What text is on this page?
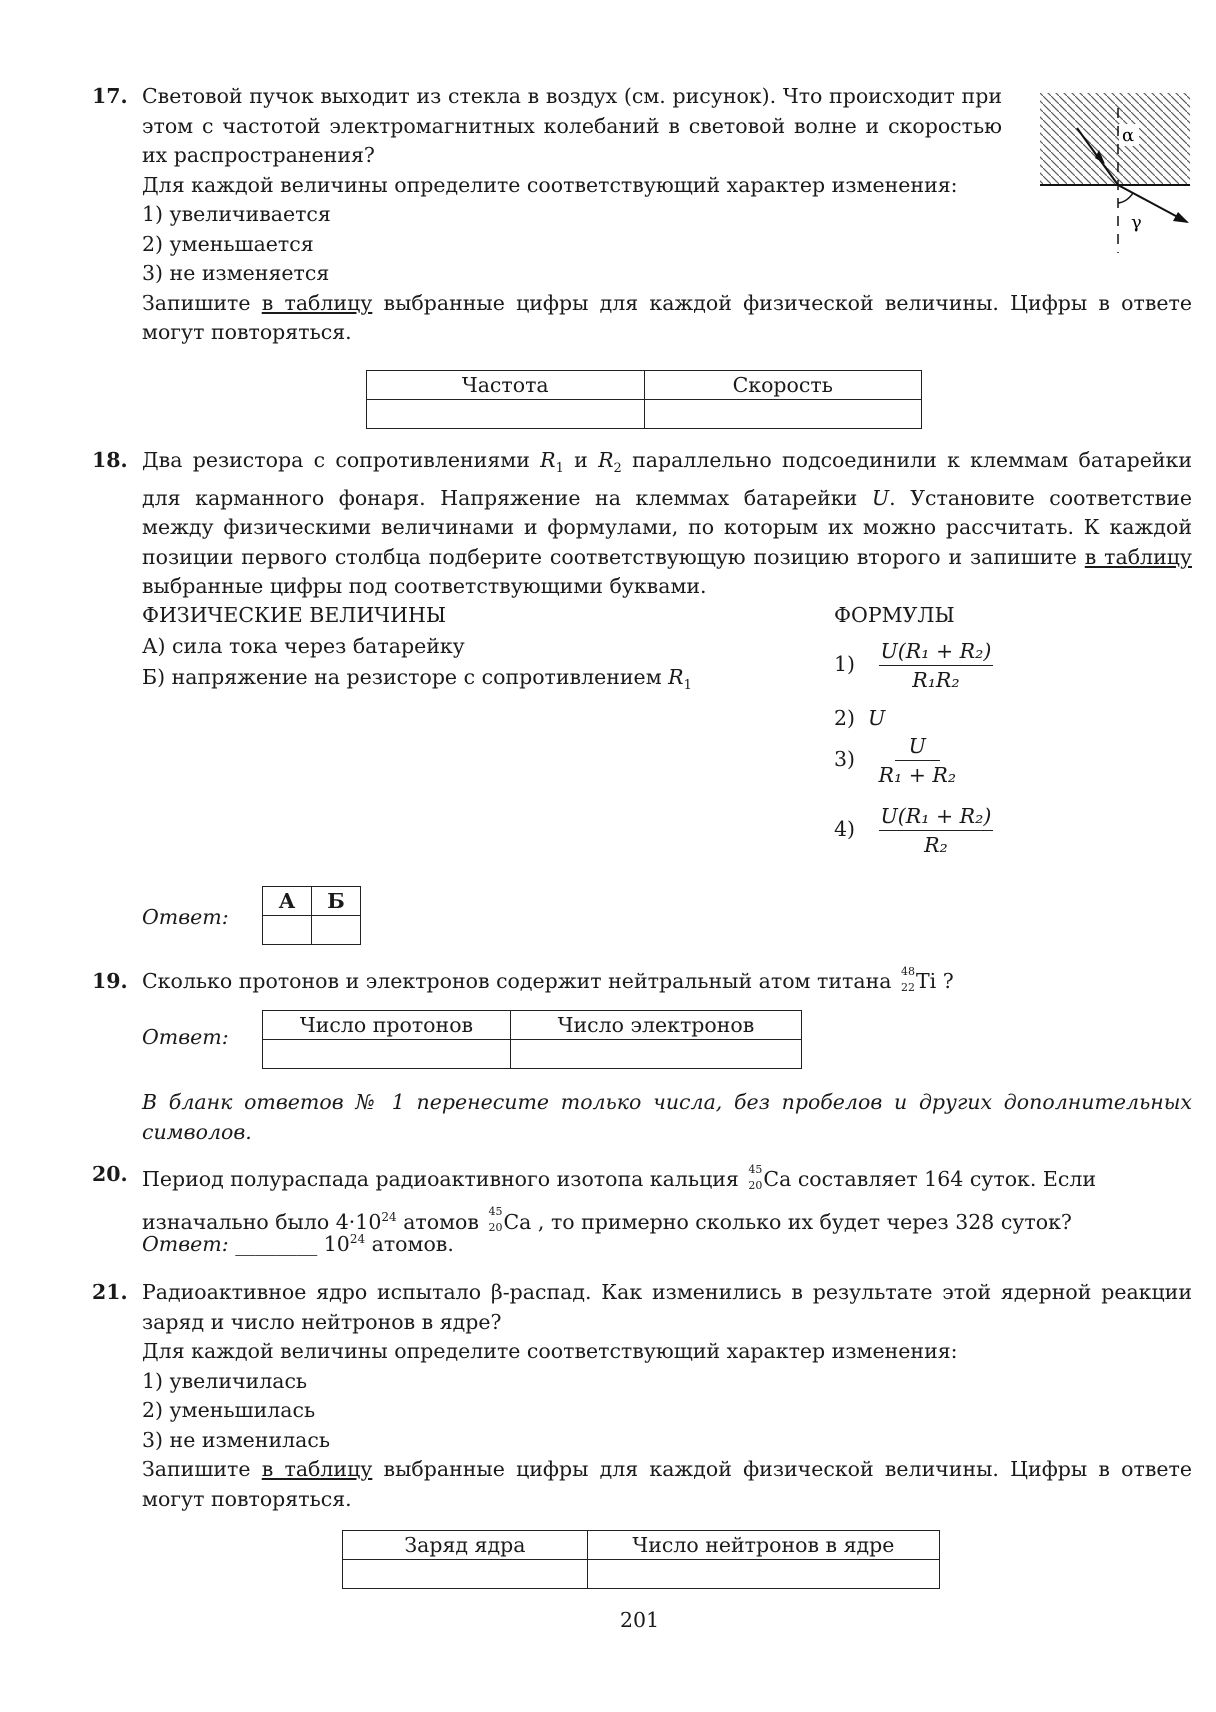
17. Световой пучок выходит из стекла в воздух (см. рисунок). Что происходит при этом с частотой электромагнитных колебаний в световой волне и скоростью их распространения?

Для каждой величины определите соответствующий характер изменения:

1) увеличивается

2) уменьшается

3) не изменяется

Запишите в таблицу выбранные цифры для каждой физической величины. Цифры в ответе могут повторяться.

α
γ
Частота	Скорость

18. Два резистора с сопротивлениями $R_1$ и $R_2$ параллельно подсоединили к клеммам батарейки для карманного фонаря. Напряжение на клеммах батарейки U. Установите соответствие между физическими величинами и формулами, по которым их можно рассчитать. К каждой позиции первого столбца подберите соответствующую позицию второго и запишите в таблицу выбранные цифры под соответствующими буквами.

ФИЗИЧЕСКИЕ ВЕЛИЧИНЫ	ФОРМУЛЫ
А) сила тока через батарейку
Б) напряжение на резисторе с сопротивлением $R_1$
$1) \frac{\text{U(R₁ + R₂)}}{\text{R₁R₂}}$
2) U
$3) \frac{U}{\text{R₁ + R₂}}$
$4) \frac{\text{U(R₁ + R₂)}}{\text{R₂}}$
Ответ:
А	Б

19. Сколько протонов и электронов содержит нейтральный атом титана 48
22 Ti ?

Ответ:	Число протонов	Число электронов

В бланк ответов № 1 перенесите только числа, без пробелов и других дополнительных символов.
20. Период полураспада радиоактивного изотопа кальция 45
20 Ca составляет 164 суток. Если

изначально было $4\cdot 10^{24}$ атомов 45
20 Ca , то примерно сколько их будет через 328 суток?

Ответ: ________ $10^{24}$ атомов.
21. Радиоактивное ядро испытало β-распад. Как изменились в результате этой ядерной реакции заряд и число нейтронов в ядре?

Для каждой величины определите соответствующий характер изменения:

1) увеличилась

2) уменьшилась

3) не изменилась

Запишите в таблицу выбранные цифры для каждой физической величины. Цифры в ответе могут повторяться.

Заряд ядра	Число нейтронов в ядре

201
